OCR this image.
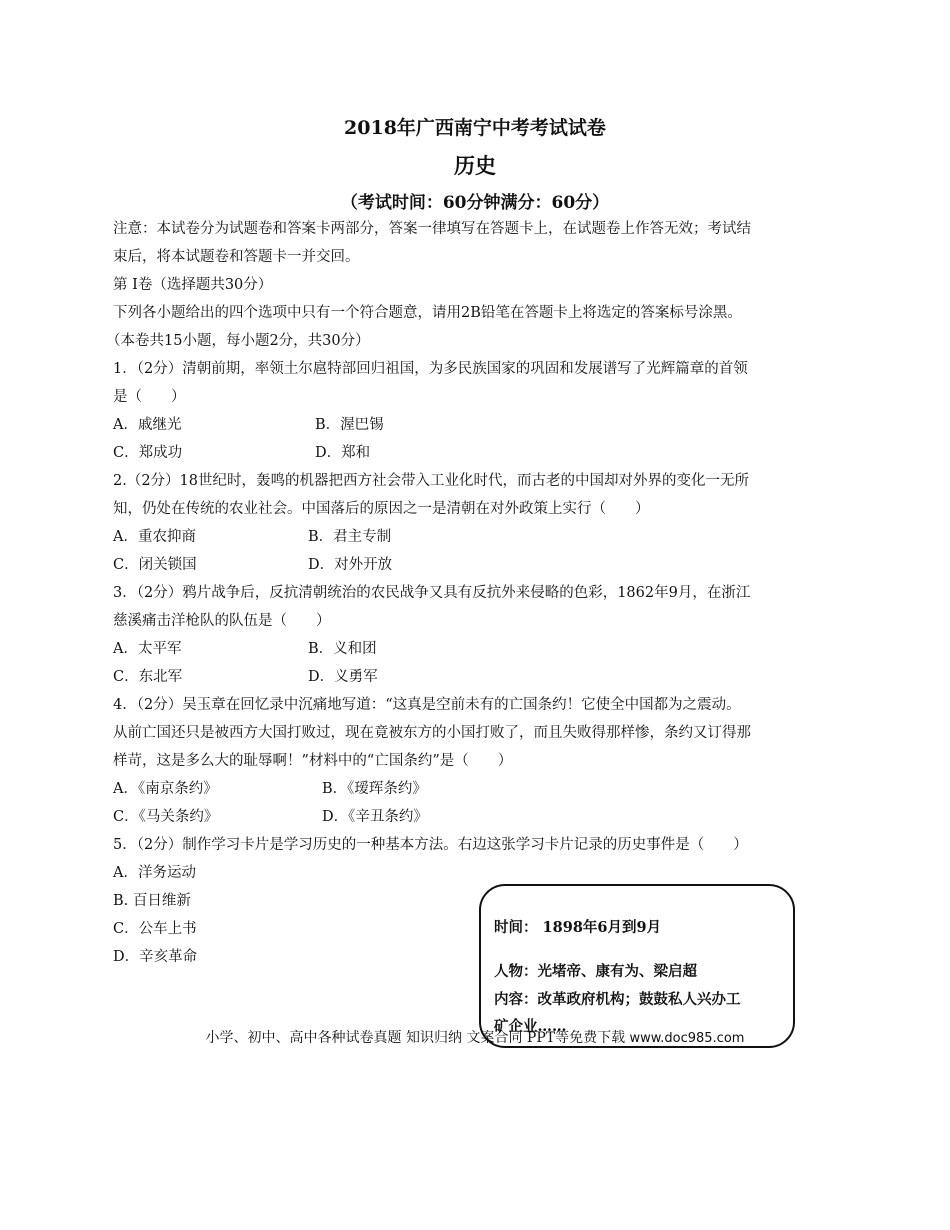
2018年广西南宁中考考试试卷
历史
（考试时间：60分钟满分：60分）
注意：本试卷分为试题卷和答案卡两部分，答案一律填写在答题卡上，在试题卷上作答无效；考试结
束后，将本试题卷和答题卡一并交回。
第 Ⅰ卷（选择题共30分）
下列各小题给出的四个选项中只有一个符合题意，请用2B铅笔在答题卡上将选定的答案标号涂黑。
（本卷共15小题，每小题2分，共30分）
1．（2分）清朝前期，率领土尔扈特部回归祖国，为多民族国家的巩固和发展谱写了光辉篇章的首领
是（　　）
A．戚继光	B．渥巴锡
C．郑成功	D．郑和
2.（2分）18世纪时，轰鸣的机器把西方社会带入工业化时代，而古老的中国却对外界的变化一无所
知，仍处在传统的农业社会。中国落后的原因之一是清朝在对外政策上实行（　　）
A．重农抑商	B．君主专制
C．闭关锁国	D．对外开放
3．（2分）鸦片战争后，反抗清朝统治的农民战争又具有反抗外来侵略的色彩，1862年9月，在浙江
慈溪痛击洋枪队的队伍是（　　）
A．太平军	B．义和团
C．东北军	D．义勇军
4．（2分）吴玉章在回忆录中沉痛地写道：“这真是空前未有的亡国条约！它使全中国都为之震动。
从前亡国还只是被西方大国打败过，现在竟被东方的小国打败了，而且失败得那样惨，条约又订得那
样苛，这是多么大的耻辱啊！”材料中的“亡国条约”是（　　）
A．《南京条约》	B．《瑷珲条约》
C．《马关条约》	D．《辛丑条约》
5．（2分）制作学习卡片是学习历史的一种基本方法。右边这张学习卡片记录的历史事件是（　　）
A．洋务运动
B. 百日维新
C．公车上书
D．辛亥革命
时间： 1898年6月到9月
人物：光堵帝、康有为、梁启超
内容：改革政府机构；鼓鼓私人兴办工
矿企业……
小学、初中、高中各种试卷真题 知识归纳 文案合同 PPT等免费下载 www.doc985.com
